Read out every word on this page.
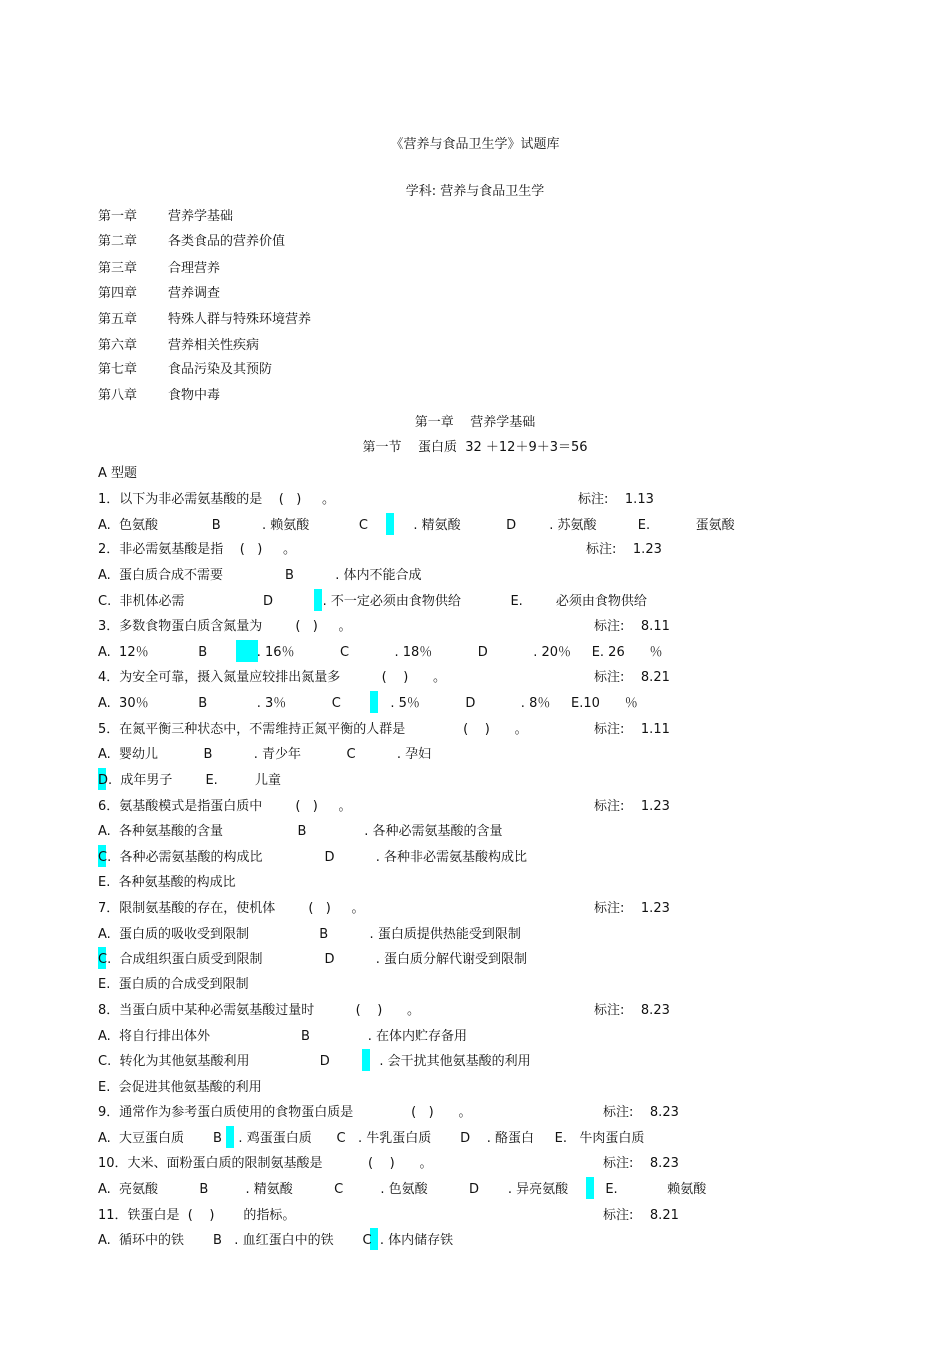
《营养与食品卫生学》试题库
学科: 营养与食品卫生学
第一章 营养学基础
第二章 各类食品的营养价值
第三章 合理营养
第四章 营养调查
第五章 特殊人群与特殊环境营养
第六章 营养相关性疾病
第七章 食品污染及其预防
第八章 食物中毒
第一章    营养学基础
第一节    蛋白质  32 ＋12＋9＋3＝56
A 型题
1．以下为非必需氨基酸的是    (   )     。	标注:    1.13
A.  色氨酸             B          . 赖氨酸            C           . 精氨酸           D        . 苏氨酸          E.           蛋氨酸
2．非必需氨基酸是指    (   )     。	标注:    1.23
A.  蛋白质合成不需要               B          . 体内不能合成
C.  非机体必需                   D            . 不一定必须由食物供给            E.        必须由食物供给
3．多数食物蛋白质含氮量为        (   )     。	标注:    8.11
A.  12％            B            . 16％           C           . 18％           D           . 20％     E. 26      ％
4．为安全可靠，摄入氮量应较排出氮量多          (    )      。	标注:    8.21
A.  30％            B            . 3％           C            . 5％           D           . 8％     E.10      ％
5．在氮平衡三种状态中，不需维持正氮平衡的人群是              (    )      。	标注:    1.11
A.  婴幼儿           B          . 青少年           C          . 孕妇
D.  成年男子        E.         儿童
6．氨基酸模式是指蛋白质中        (   )     。	标注:    1.23
A.  各种氨基酸的含量                  B              . 各种必需氨基酸的含量
C.  各种必需氨基酸的构成比               D          . 各种非必需氨基酸构成比
E.  各种氨基酸的构成比
7．限制氨基酸的存在，使机体        (   )     。	标注:    1.23
A.  蛋白质的吸收受到限制                 B          . 蛋白质提供热能受到限制
C.  合成组织蛋白质受到限制               D          . 蛋白质分解代谢受到限制
E.  蛋白质的合成受到限制
8．当蛋白质中某种必需氨基酸过量时          (    )      。	标注:    8.23
A.  将自行排出体外                      B              . 在体内贮存备用
C.  转化为其他氨基酸利用                 D            . 会干扰其他氨基酸的利用
E.  会促进其他氨基酸的利用
9．通常作为参考蛋白质使用的食物蛋白质是              (   )      。	标注:    8.23
A.  大豆蛋白质       B    . 鸡蛋蛋白质      C   . 牛乳蛋白质       D    . 酪蛋白     E.   牛肉蛋白质
10．大米、面粉蛋白质的限制氨基酸是           (    )      。	标注:    8.23
A.  亮氨酸          B         . 精氨酸          C         . 色氨酸          D       . 异亮氨酸         E.            赖氨酸
11．铁蛋白是  (    )       的指标。	标注:    8.21
A.  循环中的铁       B   . 血红蛋白中的铁       C  . 体内储存铁
